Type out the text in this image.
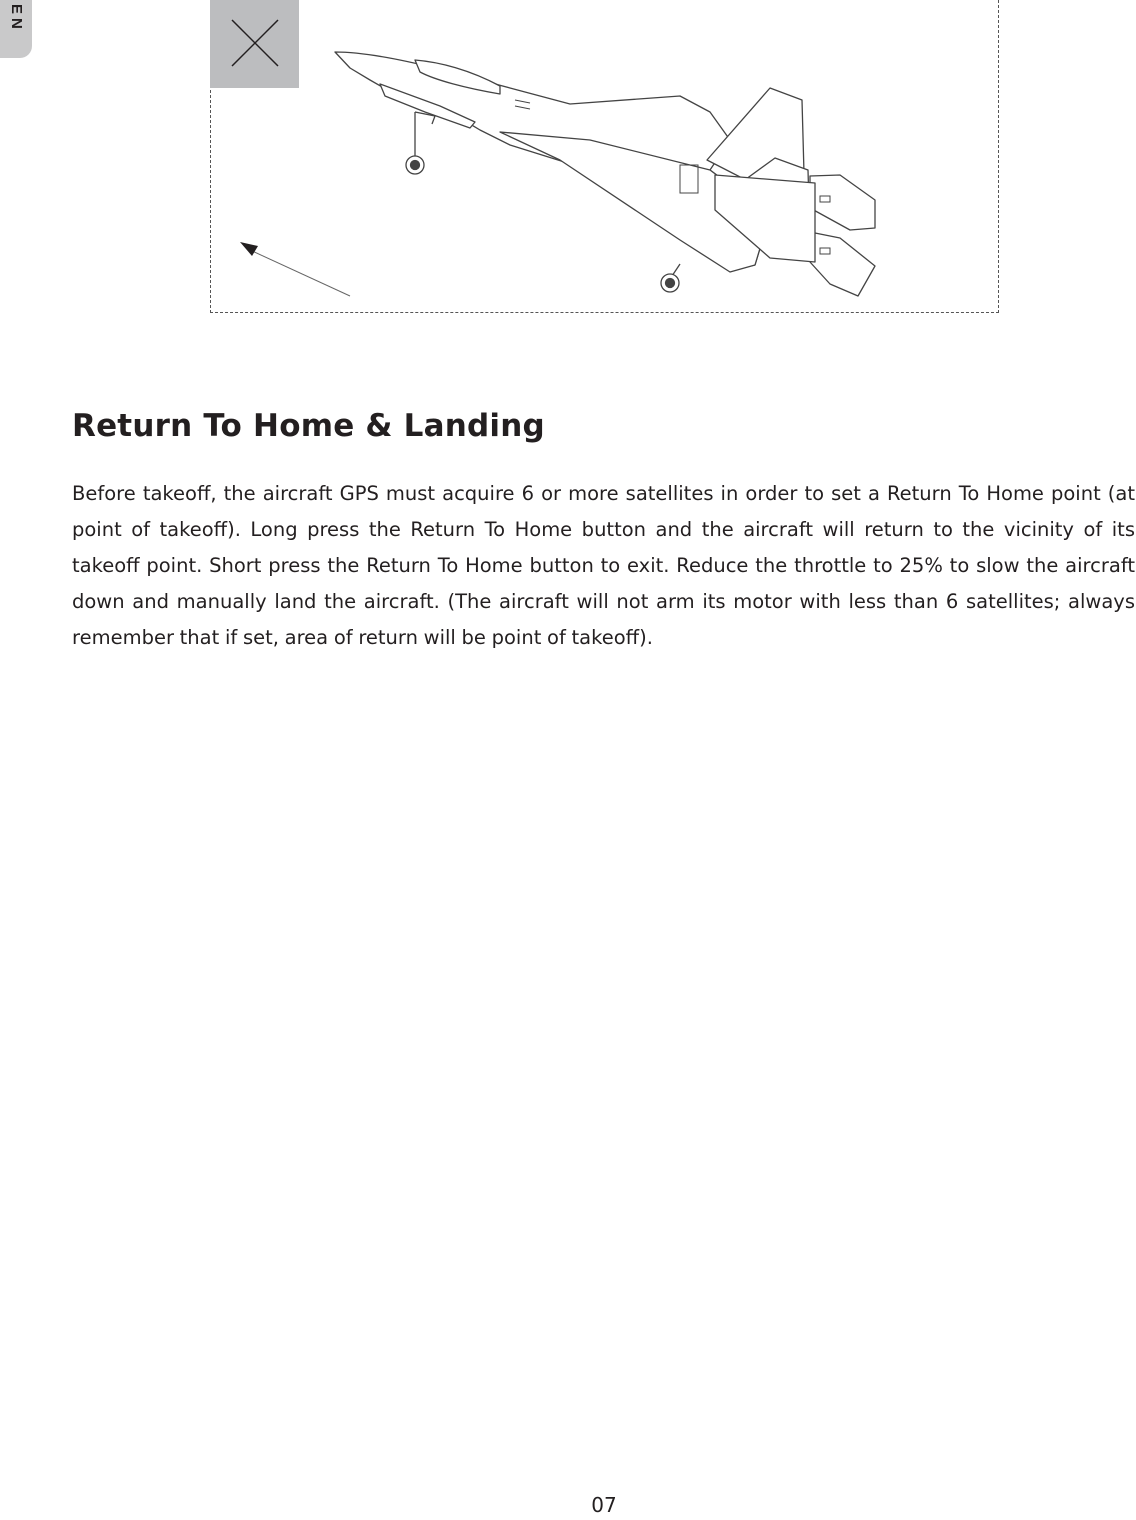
EN
Return To Home & Landing

Before takeoff, the aircraft GPS must acquire 6 or more satellites in order to set a Return To Home point (at point of takeoff). Long press the Return To Home button and the aircraft will return to the vicinity of its takeoff point. Short press the Return To Home button to exit. Reduce the throttle to 25% to slow the aircraft down and manually land the aircraft. (The aircraft will not arm its motor with less than 6 satellites; always remember that if set, area of return will be point of takeoff).

07
